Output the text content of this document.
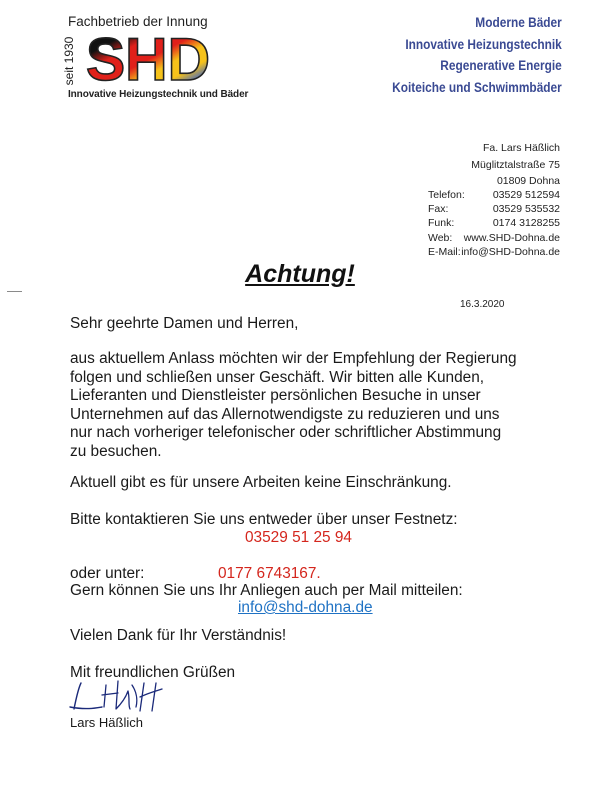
Fachbetrieb der Innung
seit 1930 SHD
Innovative Heizungstechnik und Bäder
Moderne Bäder
Innovative Heizungstechnik
Regenerative Energie
Koiteiche und Schwimmbäder
Fa. Lars Häßlich
Müglitztalstraße 75
01809 Dohna
Telefon:	03529 512594
Fax:	03529 535532
Funk:	0174 3128255
Web: www.SHD-Dohna.de
E-Mail: info@SHD-Dohna.de
Achtung!
16.3.2020
Sehr geehrte Damen und Herren,
aus aktuellem Anlass möchten wir der Empfehlung der Regierung
folgen und schließen unser Geschäft. Wir bitten alle Kunden,
Lieferanten und Dienstleister persönlichen Besuche in unser
Unternehmen auf das Allernotwendigste zu reduzieren und uns
nur nach vorheriger telefonischer oder schriftlicher Abstimmung
zu besuchen.
Aktuell gibt es für unsere Arbeiten keine Einschränkung.
Bitte kontaktieren Sie uns entweder über unser Festnetz:
03529 51 25 94
oder unter:	0177 6743167.
Gern können Sie uns Ihr Anliegen auch per Mail mitteilen:
info@shd-dohna.de
Vielen Dank für Ihr Verständnis!
Mit freundlichen Grüßen
Lars Häßlich
